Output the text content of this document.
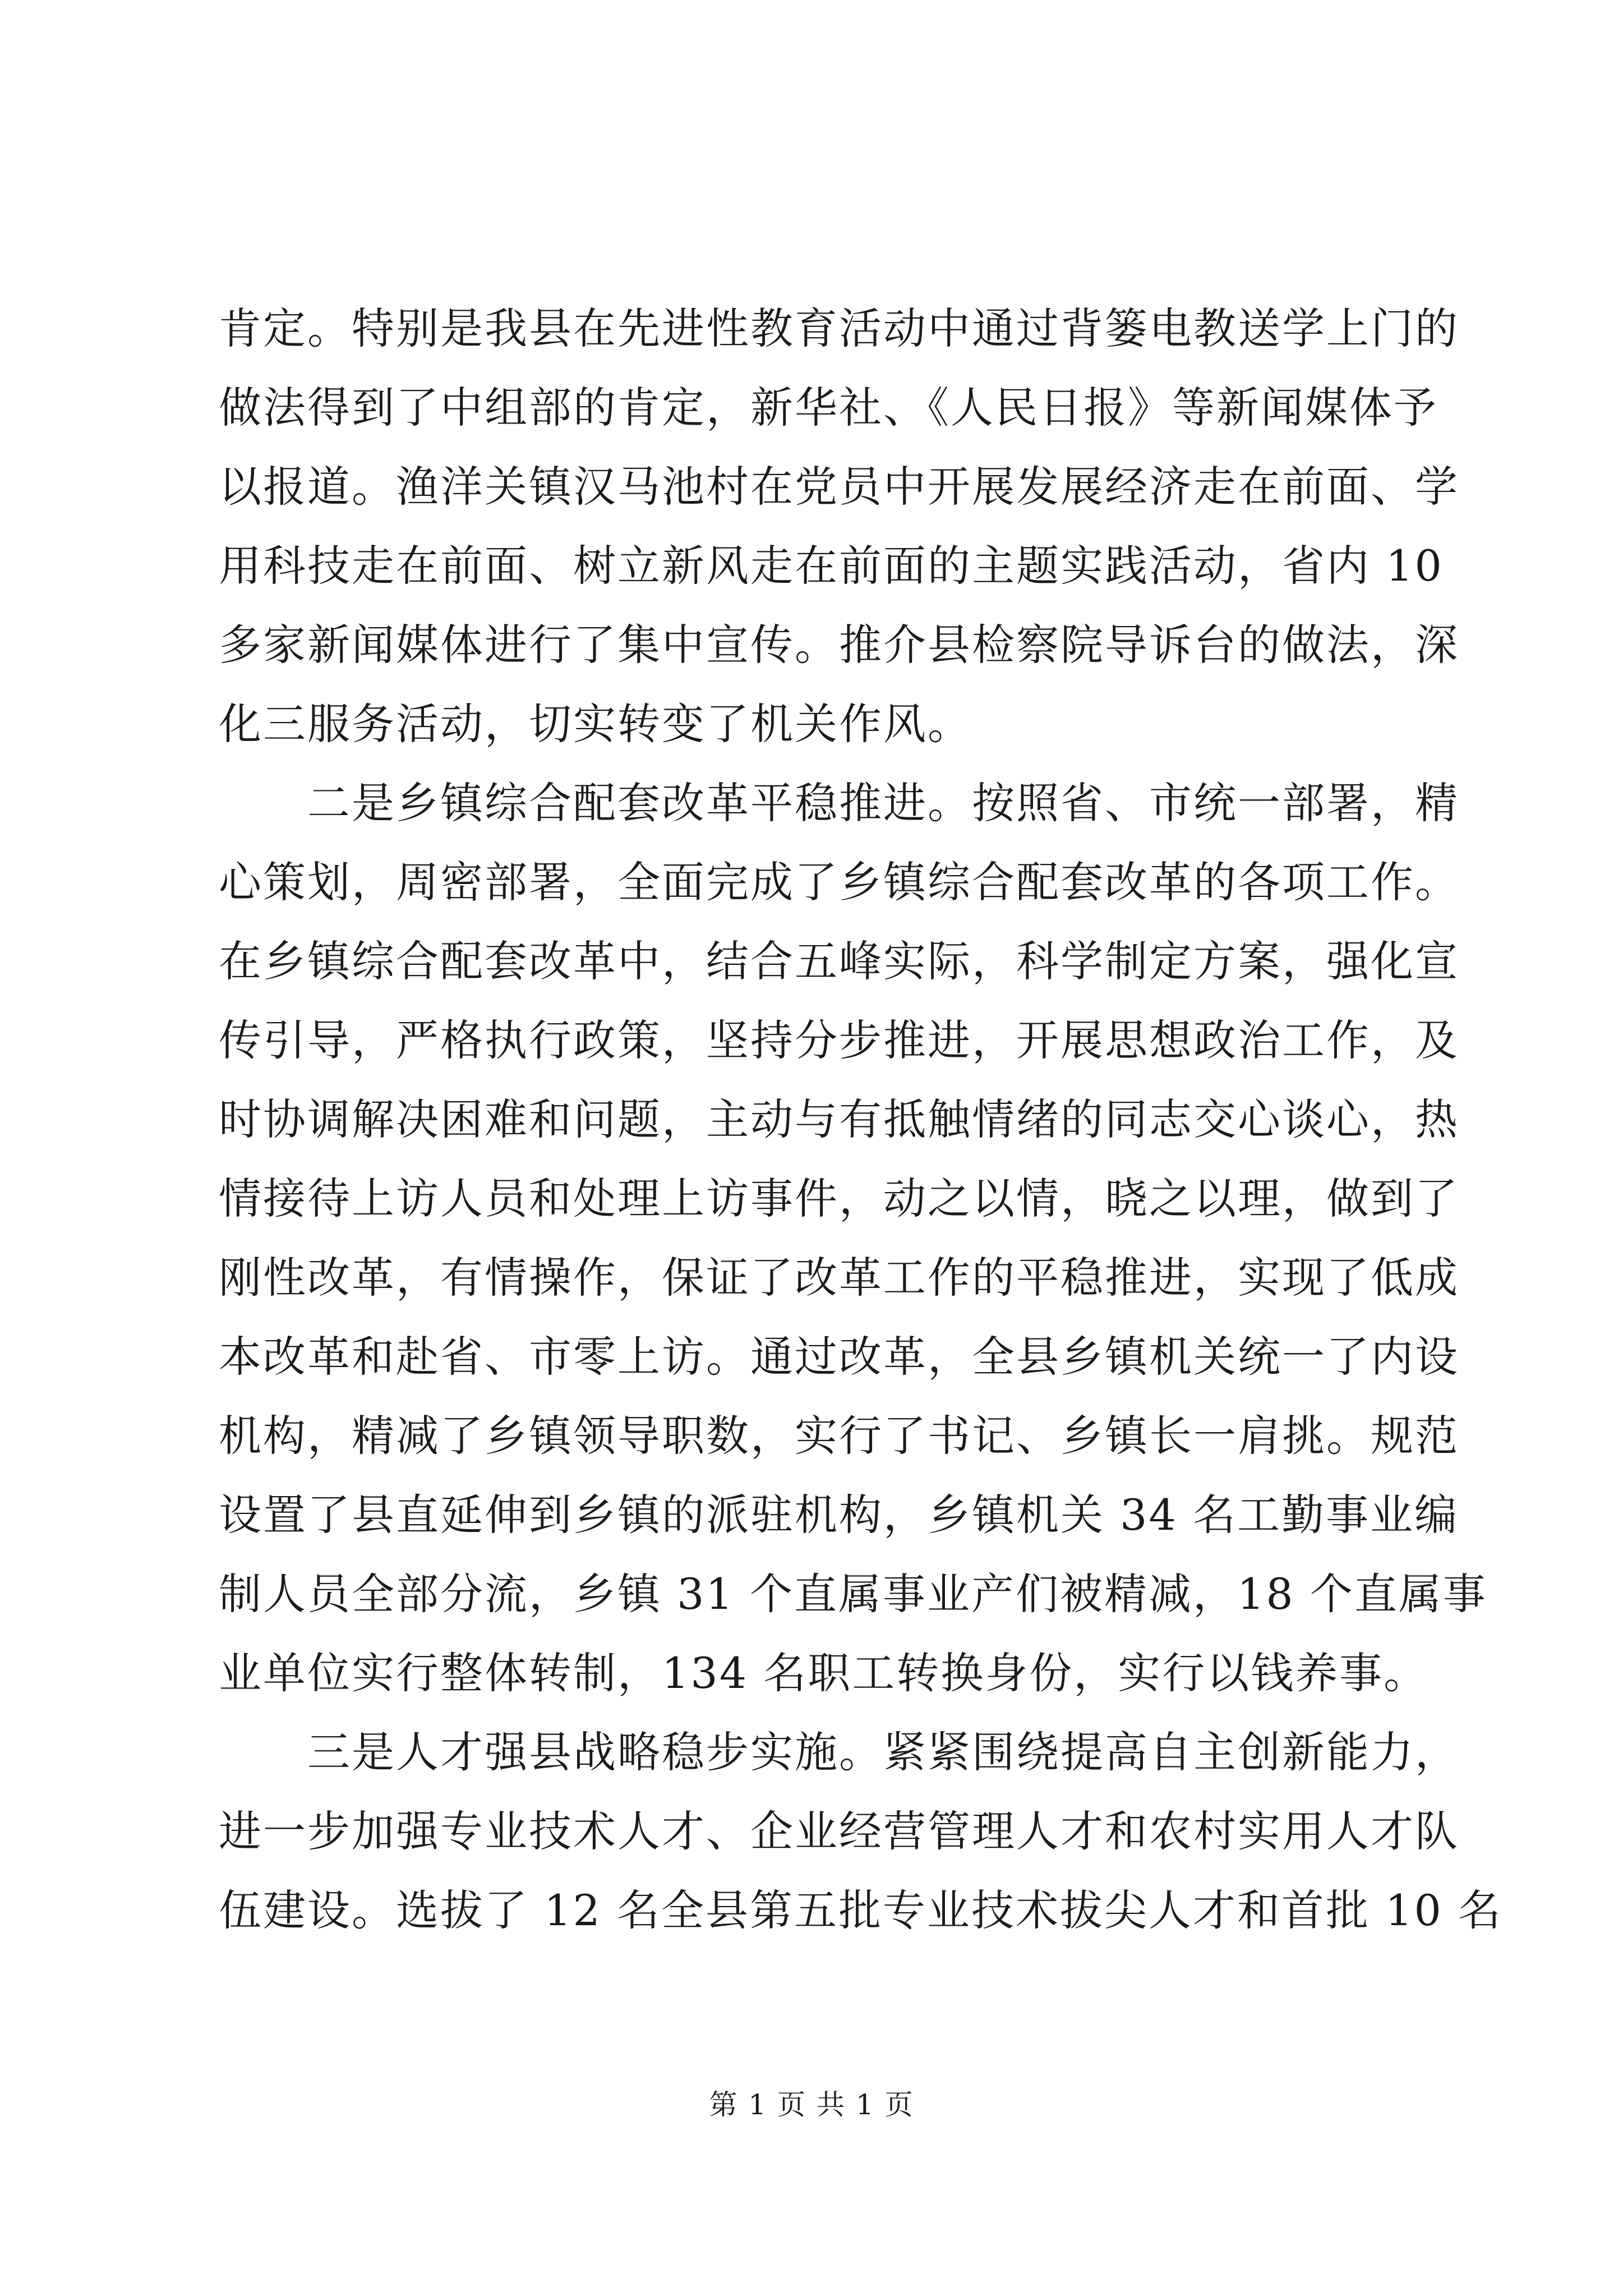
肯定。特别是我县在先进性教育活动中通过背篓电教送学上门的
做法得到了中组部的肯定，新华社、《人民日报》等新闻媒体予
以报道。渔洋关镇汉马池村在党员中开展发展经济走在前面、学
用科技走在前面、树立新风走在前面的主题实践活动，省内 10
多家新闻媒体进行了集中宣传。推介县检察院导诉台的做法，深
化三服务活动，切实转变了机关作风。
二是乡镇综合配套改革平稳推进。按照省、市统一部署，精
心策划，周密部署，全面完成了乡镇综合配套改革的各项工作。
在乡镇综合配套改革中，结合五峰实际，科学制定方案，强化宣
传引导，严格执行政策，坚持分步推进，开展思想政治工作，及
时协调解决困难和问题，主动与有抵触情绪的同志交心谈心，热
情接待上访人员和处理上访事件，动之以情，晓之以理，做到了
刚性改革，有情操作，保证了改革工作的平稳推进，实现了低成
本改革和赴省、市零上访。通过改革，全县乡镇机关统一了内设
机构，精减了乡镇领导职数，实行了书记、乡镇长一肩挑。规范
设置了县直延伸到乡镇的派驻机构，乡镇机关 34 名工勤事业编
制人员全部分流，乡镇 31 个直属事业产们被精减，18 个直属事
业单位实行整体转制，134 名职工转换身份，实行以钱养事。
三是人才强县战略稳步实施。紧紧围绕提高自主创新能力，
进一步加强专业技术人才、企业经营管理人才和农村实用人才队
伍建设。选拔了 12 名全县第五批专业技术拔尖人才和首批 10 名
第 1 页 共 1 页
